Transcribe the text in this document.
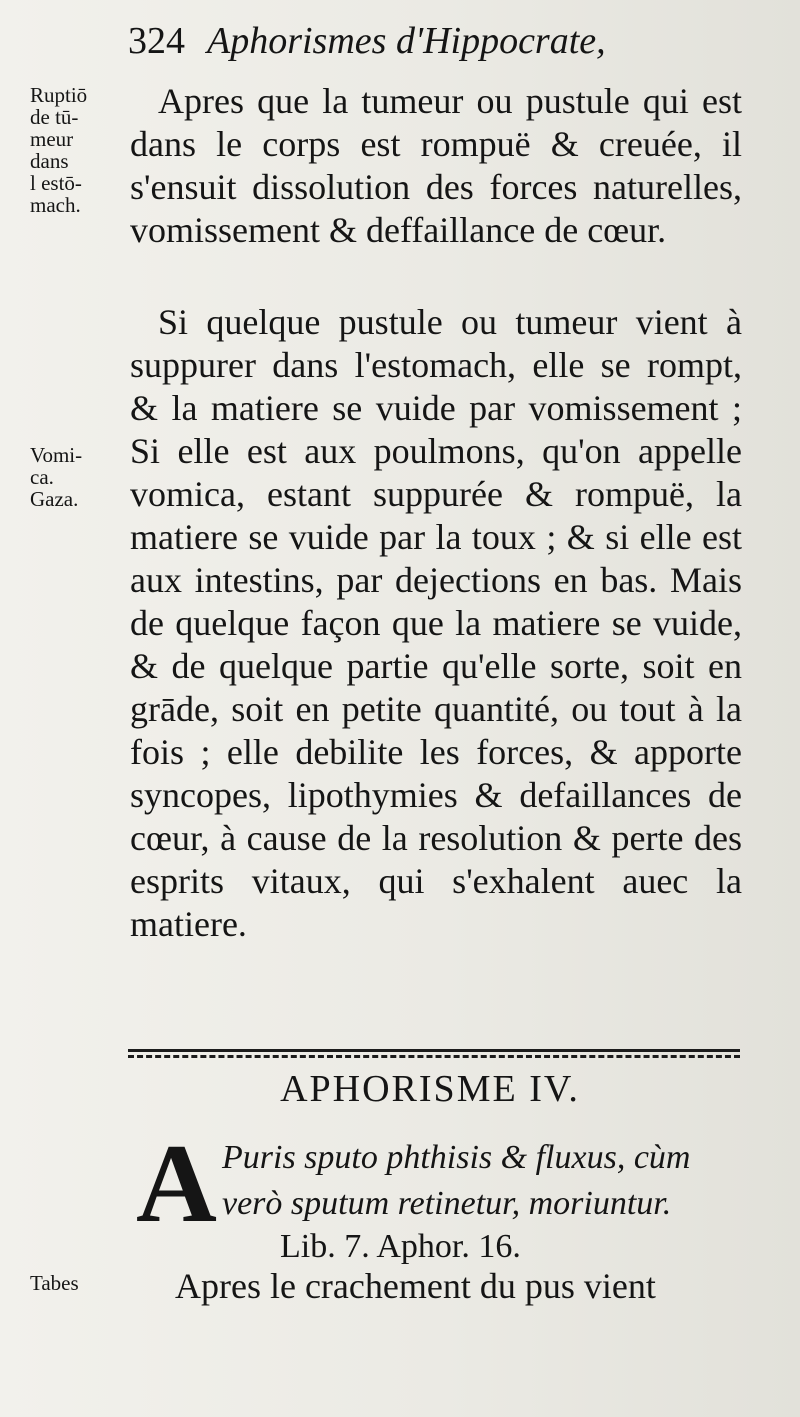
324 Aphorismes d'Hippocrate,
Ruptiō
de tū-
meur
dans
l estō-
mach.
Vomi-
ca.
Gaza.
Tabes

Apres que la tumeur ou pustule qui est dans le corps est rompuë & creuée, il s'ensuit dissolution des forces naturelles, vomissement & deffaillance de cœur.

Si quelque pustule ou tumeur vient à suppurer dans l'estomach, elle se rompt, & la matiere se vuide par vomissement ; Si elle est aux poulmons, qu'on appelle vomica, estant suppurée & rompuë, la matiere se vuide par la toux ; & si elle est aux intestins, par dejections en bas. Mais de quelque façon que la matiere se vuide, & de quelque partie qu'elle sorte, soit en grāde, soit en petite quantité, ou tout à la fois ; elle debilite les forces, & apporte syncopes, lipothymies & defaillances de cœur, à cause de la resolution & perte des esprits vitaux, qui s'exhalent auec la matiere.

APHORISME IV.
A Puris sputo phthisis & fluxus, cùm verò sputum retinetur, moriuntur.
Lib. 7. Aphor. 16.
Apres le crachement du pus vient
